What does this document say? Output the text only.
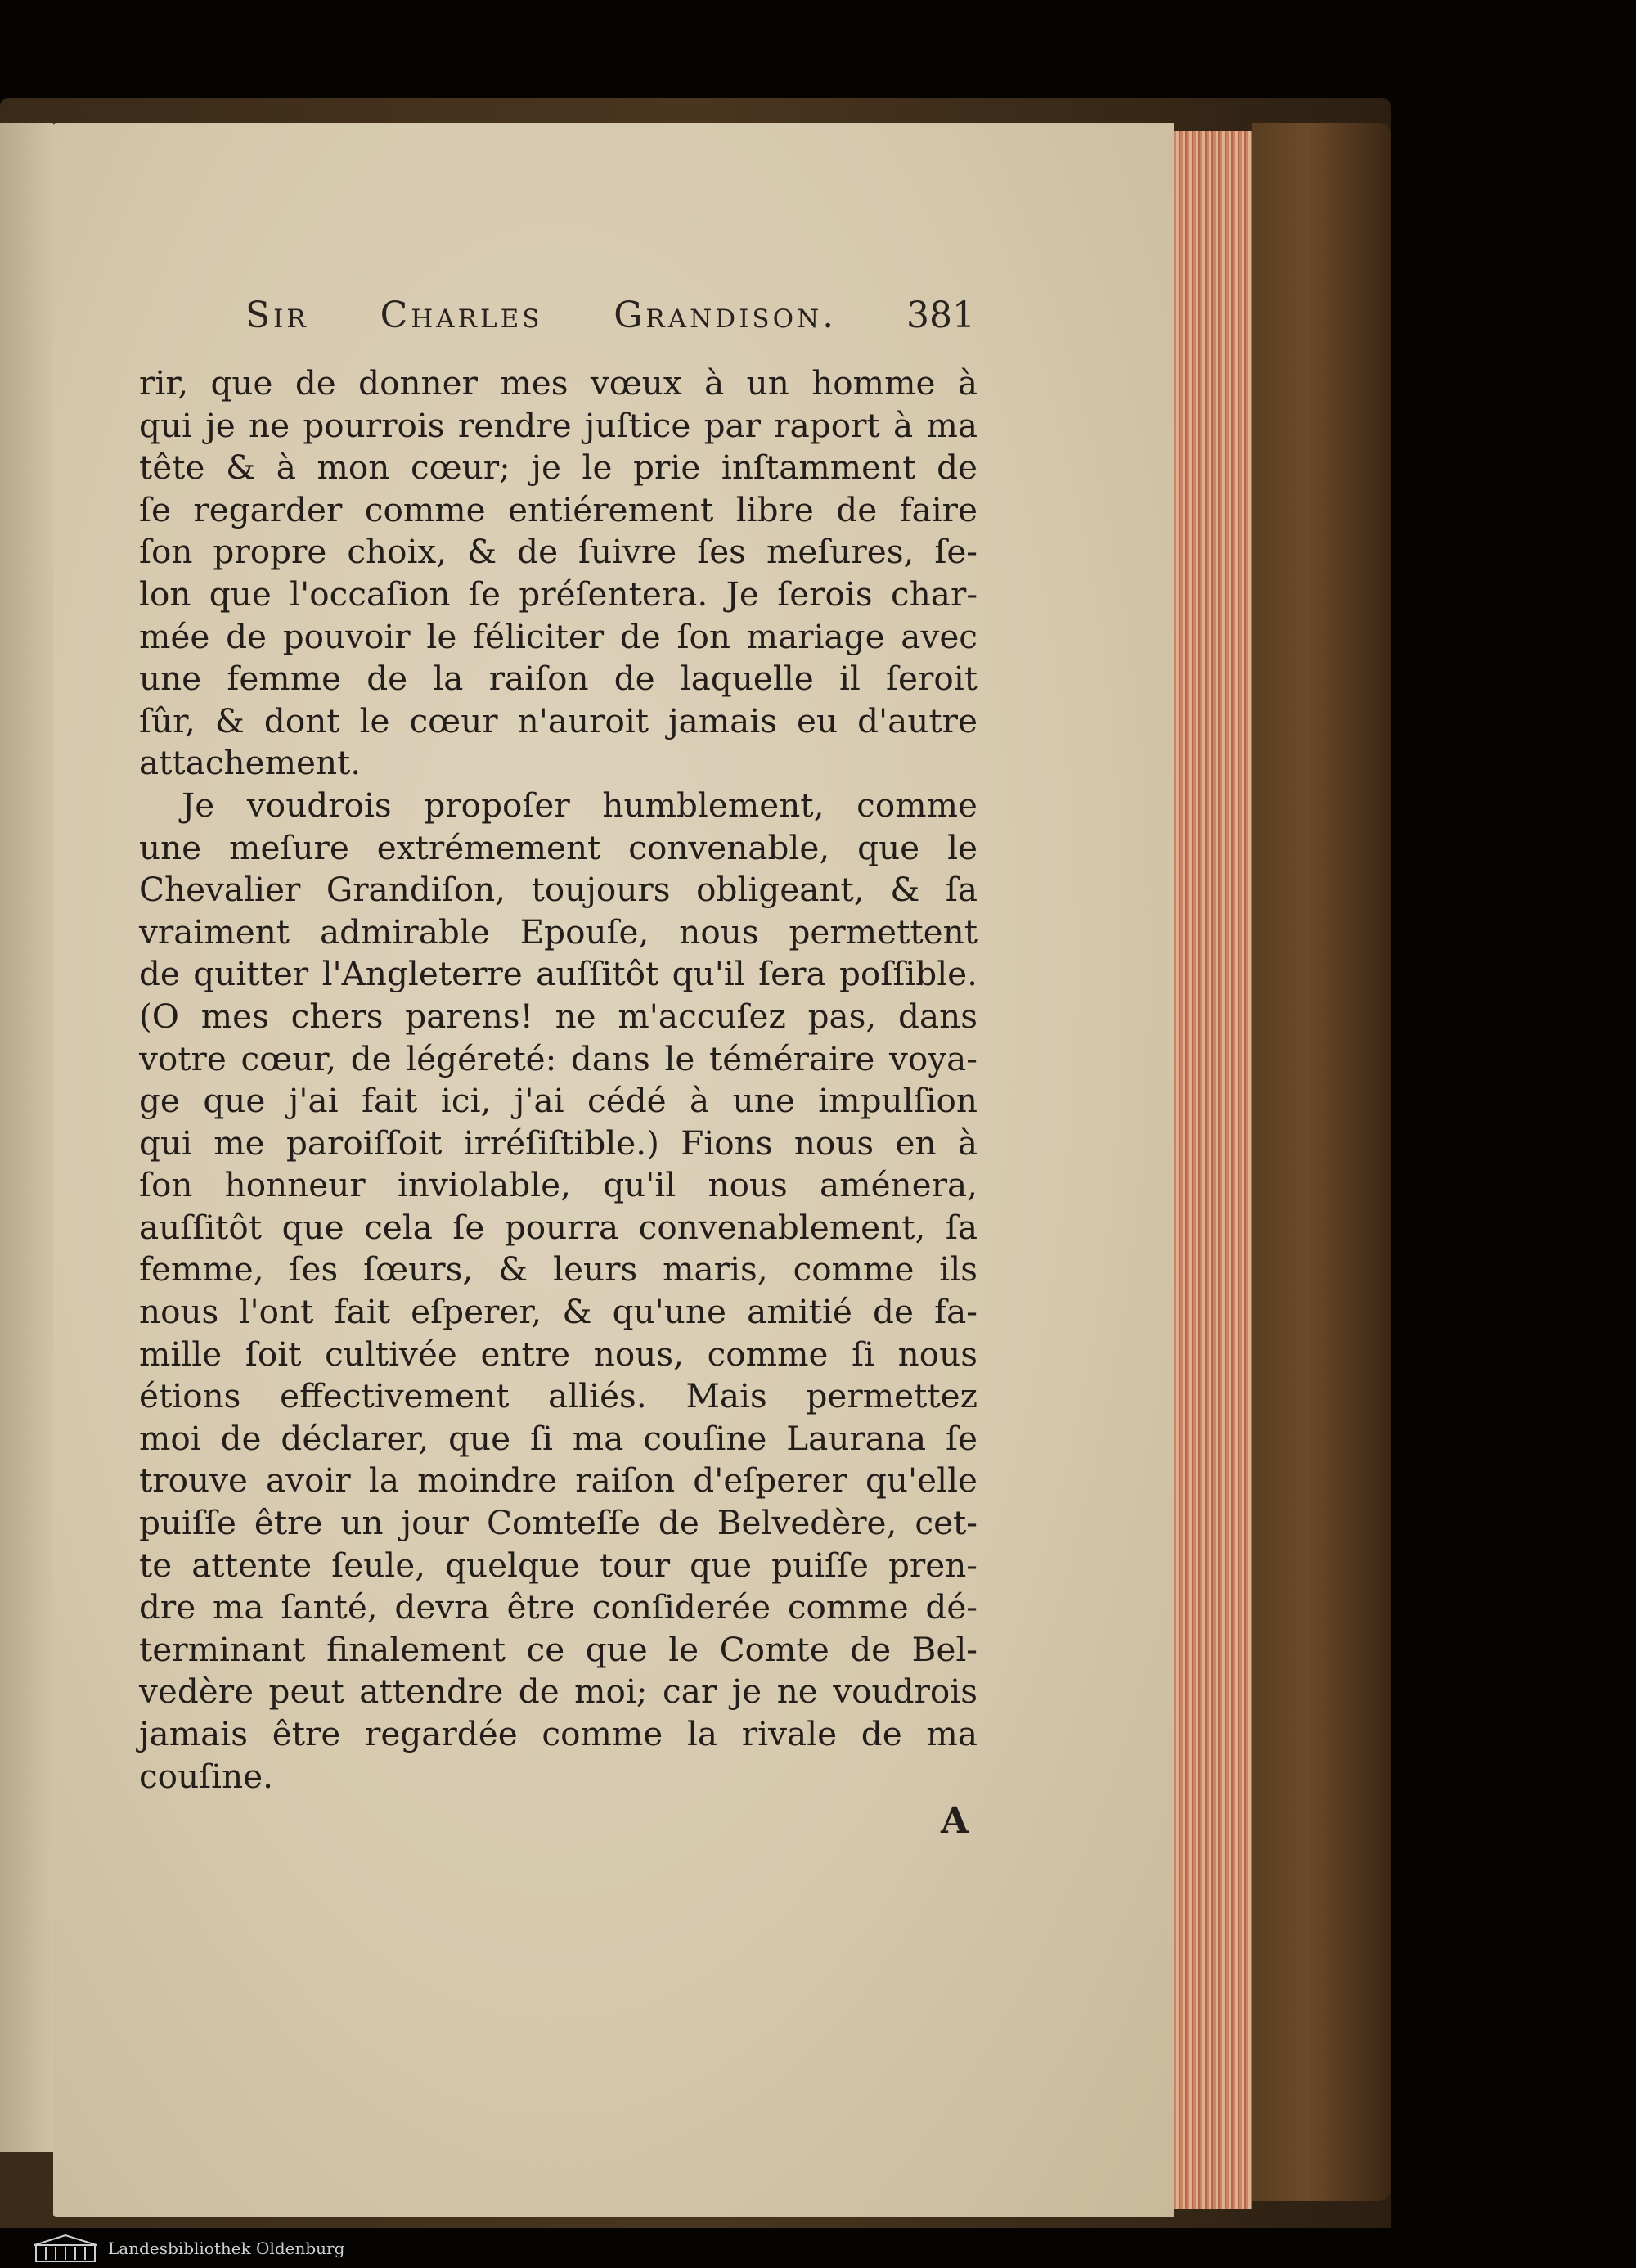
Sir Charles Grandison. 381
rir, que de donner mes vœux à un homme à
qui je ne pourrois rendre juſtice par raport à ma
tête & à mon cœur; je le prie inſtamment de
ſe regarder comme entiérement libre de faire
ſon propre choix, & de ſuivre ſes meſures, ſe-
lon que l'occaſion ſe préſentera. Je ſerois char-
mée de pouvoir le féliciter de ſon mariage avec
une femme de la raiſon de laquelle il ſeroit
ſûr, & dont le cœur n'auroit jamais eu d'autre
attachement.
Je voudrois propoſer humblement, comme
une meſure extrémement convenable, que le
Chevalier Grandiſon, toujours obligeant, & ſa
vraiment admirable Epouſe, nous permettent
de quitter l'Angleterre auſſitôt qu'il ſera poſſible.
(O mes chers parens! ne m'accuſez pas, dans
votre cœur, de légéreté: dans le téméraire voya-
ge que j'ai fait ici, j'ai cédé à une impulſion
qui me paroiſſoit irréſiſtible.) Fions nous en à
ſon honneur inviolable, qu'il nous aménera,
auſſitôt que cela ſe pourra convenablement, ſa
femme, ſes ſœurs, & leurs maris, comme ils
nous l'ont fait eſperer, & qu'une amitié de fa-
mille ſoit cultivée entre nous, comme ſi nous
étions effectivement alliés. Mais permettez
moi de déclarer, que ſi ma couſine Laurana ſe
trouve avoir la moindre raiſon d'eſperer qu'elle
puiſſe être un jour Comteſſe de Belvedère, cet-
te attente ſeule, quelque tour que puiſſe pren-
dre ma ſanté, devra être conſiderée comme dé-
terminant finalement ce que le Comte de Bel-
vedère peut attendre de moi; car je ne voudrois
jamais être regardée comme la rivale de ma
couſine.
A
Landesbibliothek Oldenburg
